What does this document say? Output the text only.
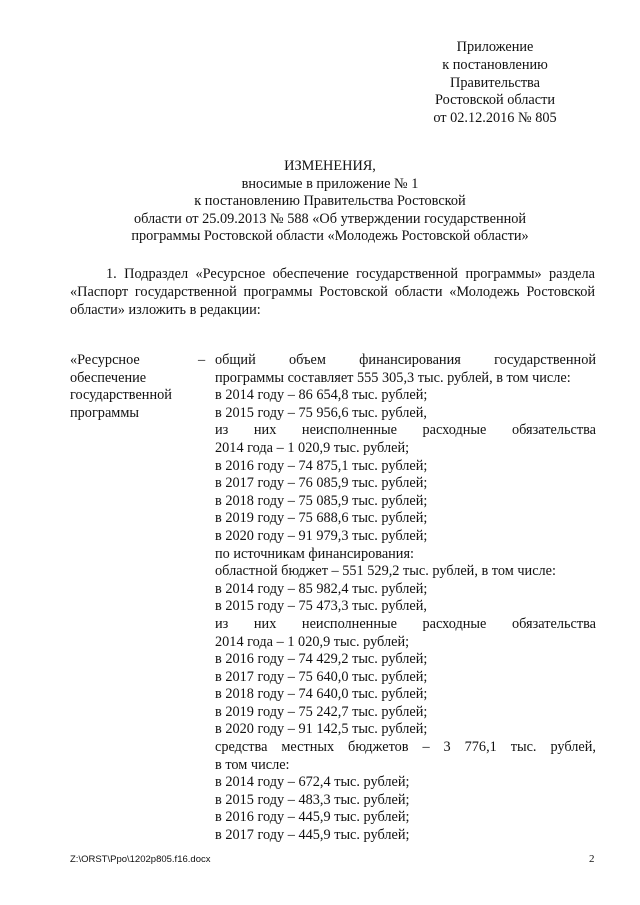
Приложение
к постановлению
Правительства
Ростовской области
от 02.12.2016 № 805
ИЗМЕНЕНИЯ,
вносимые в приложение № 1
к постановлению Правительства Ростовской
области от 25.09.2013 № 588 «Об утверждении государственной
программы Ростовской области «Молодежь Ростовской области»
1. Подраздел «Ресурсное обеспечение государственной программы» раздела «Паспорт государственной программы Ростовской области «Молодежь Ростовской области» изложить в редакции:
«Ресурсное
обеспечение
государственной
программы
– общий объем финансирования государственной
программы составляет 555 305,3 тыс. рублей, в том числе:
в 2014 году – 86 654,8 тыс. рублей;
в 2015 году – 75 956,6 тыс. рублей,
из них неисполненные расходные обязательства
2014 года – 1 020,9 тыс. рублей;
в 2016 году – 74 875,1 тыс. рублей;
в 2017 году – 76 085,9 тыс. рублей;
в 2018 году – 75 085,9 тыс. рублей;
в 2019 году – 75 688,6 тыс. рублей;
в 2020 году – 91 979,3 тыс. рублей;
по источникам финансирования:
областной бюджет – 551 529,2 тыс. рублей, в том числе:
в 2014 году – 85 982,4 тыс. рублей;
в 2015 году – 75 473,3 тыс. рублей,
из них неисполненные расходные обязательства
2014 года – 1 020,9 тыс. рублей;
в 2016 году – 74 429,2 тыс. рублей;
в 2017 году – 75 640,0 тыс. рублей;
в 2018 году – 74 640,0 тыс. рублей;
в 2019 году – 75 242,7 тыс. рублей;
в 2020 году – 91 142,5 тыс. рублей;
средства местных бюджетов – 3 776,1 тыс. рублей,
в том числе:
в 2014 году – 672,4 тыс. рублей;
в 2015 году – 483,3 тыс. рублей;
в 2016 году – 445,9 тыс. рублей;
в 2017 году – 445,9 тыс. рублей;
Z:\ORST\Ppo\1202p805.f16.docx	2
